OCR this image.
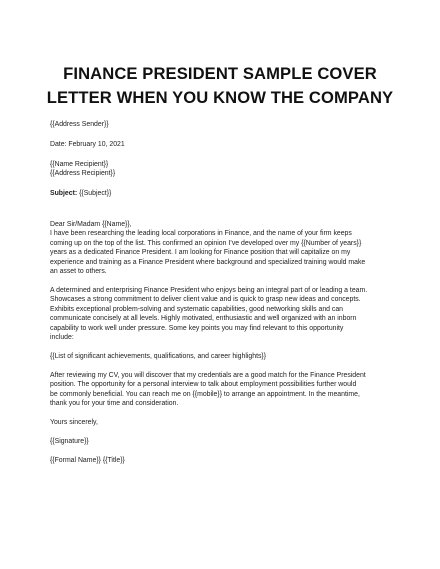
FINANCE PRESIDENT SAMPLE COVER
LETTER WHEN YOU KNOW THE COMPANY

{{Address Sender}}

Date: February 10, 2021

{{Name Recipient}}

{{Address Recipient}}

Subject: {{Subject}}

Dear Sir/Madam {{Name}},

I have been researching the leading local corporations in Finance, and the name of your firm keeps

coming up on the top of the list. This confirmed an opinion I’ve developed over my {{Number of years}}

years as a dedicated Finance President. I am looking for Finance position that will capitalize on my

experience and training as a Finance President where background and specialized training would make

an asset to others.

A determined and enterprising Finance President who enjoys being an integral part of or leading a team.

Showcases a strong commitment to deliver client value and is quick to grasp new ideas and concepts.

Exhibits exceptional problem-solving and systematic capabilities, good networking skills and can

communicate concisely at all levels. Highly motivated, enthusiastic and well organized with an inborn

capability to work well under pressure. Some key points you may find relevant to this opportunity

include:

{{List of significant achievements, qualifications, and career highlights}}

After reviewing my CV, you will discover that my credentials are a good match for the Finance President

position. The opportunity for a personal interview to talk about employment possibilities further would

be commonly beneficial. You can reach me on {{mobile}} to arrange an appointment. In the meantime,

thank you for your time and consideration.

Yours sincerely,

{{Signature}}

{{Formal Name}} {{Title}}
